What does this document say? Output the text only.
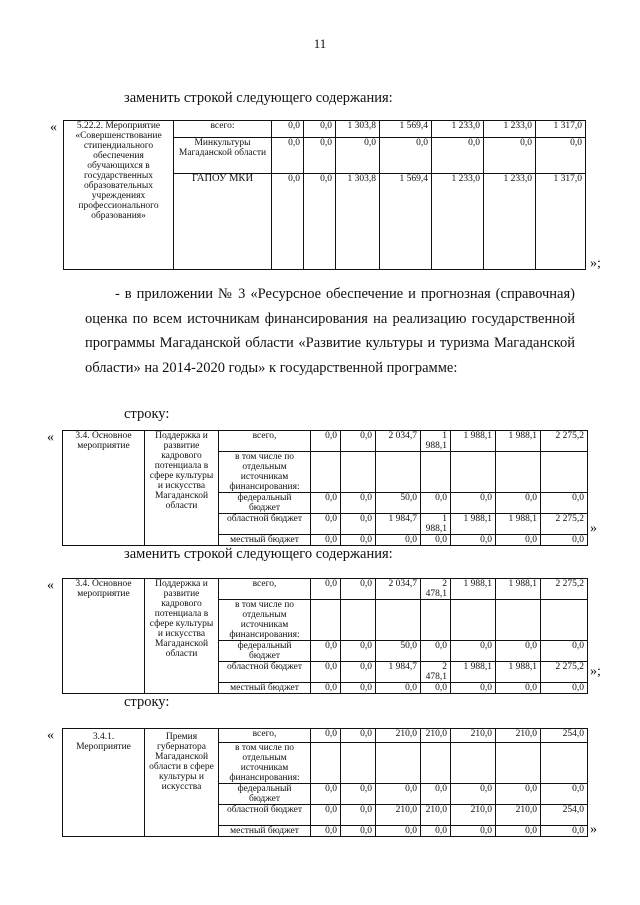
11
заменить строкой следующего содержания:
« 5.22.2. Мероприятие «Совершенствование стипендиального обеспечения обучающихся в государственных образовательных учреждениях профессионального образования»	всего:	0,0	0,0	1 303,8	1 569,4	1 233,0	1 233,0	1 317,0
	Минкультуры Магаданской области	0,0	0,0	0,0	0,0	0,0	0,0	0,0
	ГАПОУ МКИ	0,0	0,0	1 303,8	1 569,4	1 233,0	1 233,0	1 317,0
»;
- в приложении № 3 «Ресурсное обеспечение и прогнозная (справочная) оценка по всем источникам финансирования на реализацию государственной программы Магаданской области «Развитие культуры и туризма Магаданской области» на 2014-2020 годы» к государственной программе:
строку:
« 3.4. Основное мероприятие	Поддержка и развитие кадрового потенциала в сфере культуры и искусства Магаданской области	всего,	0,0	0,0	2 034,7	1 988,1	1 988,1	1 988,1	2 275,2
		в том числе по отдельным источникам финансирования:							
		федеральный бюджет	0,0	0,0	50,0	0,0	0,0	0,0	0,0
		областной бюджет	0,0	0,0	1 984,7	1 988,1	1 988,1	1 988,1	2 275,2
		местный бюджет	0,0	0,0	0,0	0,0	0,0	0,0	0,0
»
заменить строкой следующего содержания:
« 3.4. Основное мероприятие	Поддержка и развитие кадрового потенциала в сфере культуры и искусства Магаданской области	всего,	0,0	0,0	2 034,7	2 478,1	1 988,1	1 988,1	2 275,2
		в том числе по отдельным источникам финансирования:							
		федеральный бюджет	0,0	0,0	50,0	0,0	0,0	0,0	0,0
		областной бюджет	0,0	0,0	1 984,7	2 478,1	1 988,1	1 988,1	2 275,2
		местный бюджет	0,0	0,0	0,0	0,0	0,0	0,0	0,0
»;
строку:
«	3.4.1. Мероприятие	Премия губернатора Магаданской области в сфере культуры и искусства	всего,	0,0	0,0	210,0	210,0	210,0	210,0	254,0
		в том числе по отдельным источникам финансирования:							
		федеральный бюджет	0,0	0,0	0,0	0,0	0,0	0,0	0,0
		областной бюджет	0,0	0,0	210,0	210,0	210,0	210,0	254,0
		местный бюджет	0,0	0,0	0,0	0,0	0,0	0,0	0,0 »
